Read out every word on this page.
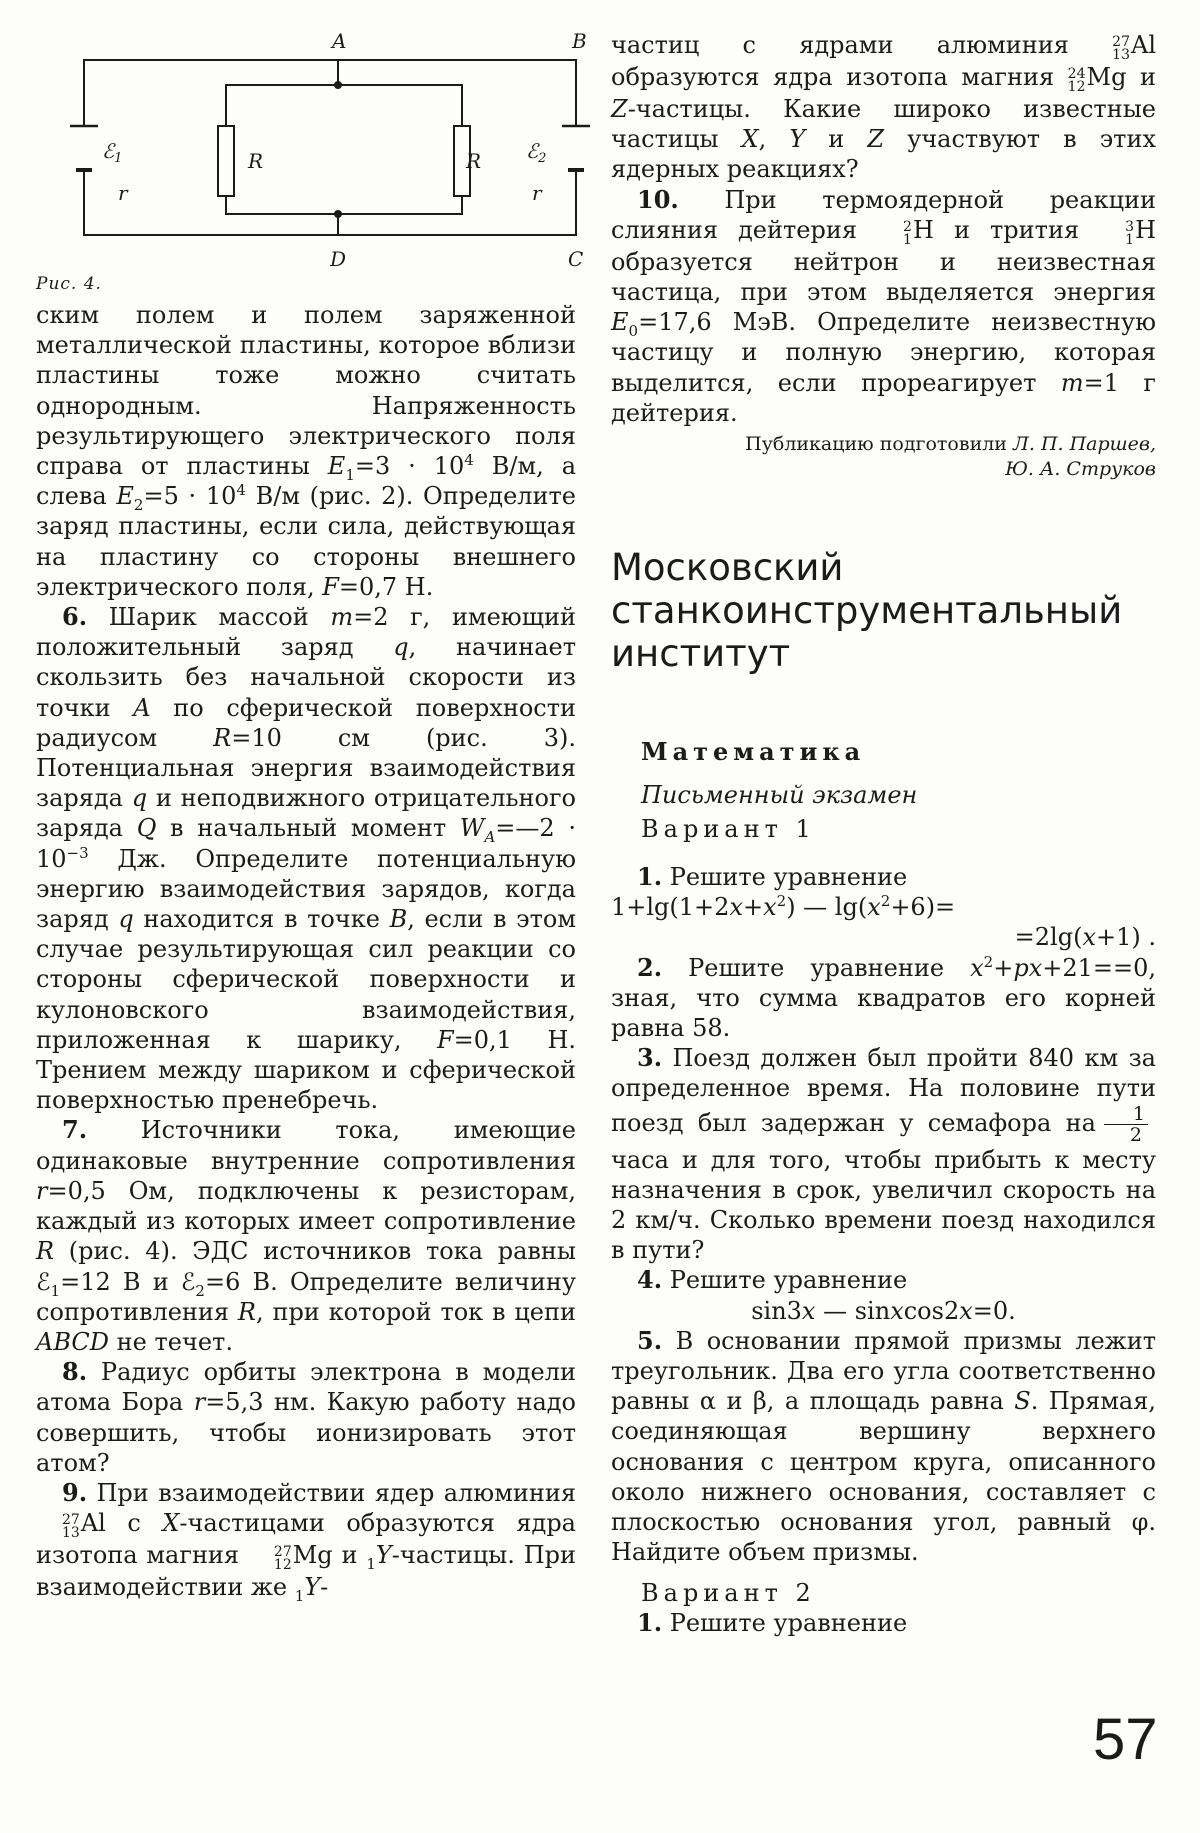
A	B
C
D
R	R
ℰ$_1$
r
ℰ$_2$
r
Рис. 4.

ским полем и полем заряженной металлической пластины, которое вблизи пластины тоже можно считать однородным. Напряженность результирующего электрического поля справа от пластины $E_1=3 \cdot 10^4$ В/м, а слева $E_2=5 \cdot 10^4$ В/м (рис. 2). Определите заряд пластины, если сила, действующая на пластину со стороны внешнего электрического поля, F=0,7 Н.

6. Шарик массой m=2 г, имеющий положительный заряд q, начинает скользить без начальной скорости из точки A по сферической поверхности радиусом R=10 см (рис. 3). Потенциальная энергия взаимодействия заряда q и неподвижного отрицательного заряда Q в начальный момент $W_A=—2 \cdot 10^{-3}$ Дж. Определите потенциальную энергию взаимодействия зарядов, когда заряд q находится в точке B, если в этом случае результирующая сил реакции со стороны сферической поверхности и кулоновского взаимодействия, приложенная к шарику, F=0,1 Н. Трением между шариком и сферической поверхностью пренебречь.

7. Источники тока, имеющие одинаковые внутренние сопротивления r=0,5 Ом, подключены к резисторам, каждый из которых имеет сопротивление R (рис. 4). ЭДС источников тока равны ℰ$_1$=12 В и ℰ$_2$=6 В. Определите величину сопротивления R, при которой ток в цепи ABCD не течет.

8. Радиус орбиты электрона в модели атома Бора r=5,3 нм. Какую работу надо совершить, чтобы ионизировать этот атом?

9. При взаимодействии ядер алюминия
27
13 Al с X-частицами образуются ядра изотопа магния	27
12 Mg и $_1$Y-частицы. При взаимодействии же $_1$Y-

частиц с ядрами алюминия 27
13 Al образуются ядра изотопа магния 24
12 Mg и Z-частицы. Какие широко известные частицы X, Y и Z участвуют в этих ядерных реакциях?

10. При термоядерной реакции слияния дейтерия	2
1 H и трития	3
1 H образуется нейтрон и неизвестная частица, при этом выделяется энергия $E_0=17,6$ МэВ. Определите неизвестную частицу и полную энергию, которая выделится, если прореагирует m=1 г дейтерия.

Публикацию подготовили Л. П. Паршев,
Ю. А. Струков

Московский станкоинструментальный институт
Математика
Письменный экзамен
Вариант 1

1. Решите уравнение

$1+\lg(1+2x+x^2)$ — $\lg(x^2+6)=$

=2lg(x+1) .

2. Решите уравнение $x^2+px+21==0$, зная, что сумма квадратов его корней равна 58.

3. Поезд должен был пройти 840 км за определенное время. На половине пути поезд был задержан у семафора на $\frac{1}{2}$
часа и для того, чтобы прибыть к месту назначения в срок, увеличил скорость на 2 км/ч. Сколько времени поезд находился в пути?

4. Решите уравнение

sin3x — sinxcos2x=0.

5. В основании прямой призмы лежит треугольник. Два его угла соответственно равны α и β, а площадь равна S. Прямая, соединяющая вершину верхнего основания с центром круга, описанного около нижнего основания, составляет с плоскостью основания угол, равный φ. Найдите объем призмы.

Вариант 2

1. Решите уравнение

57
